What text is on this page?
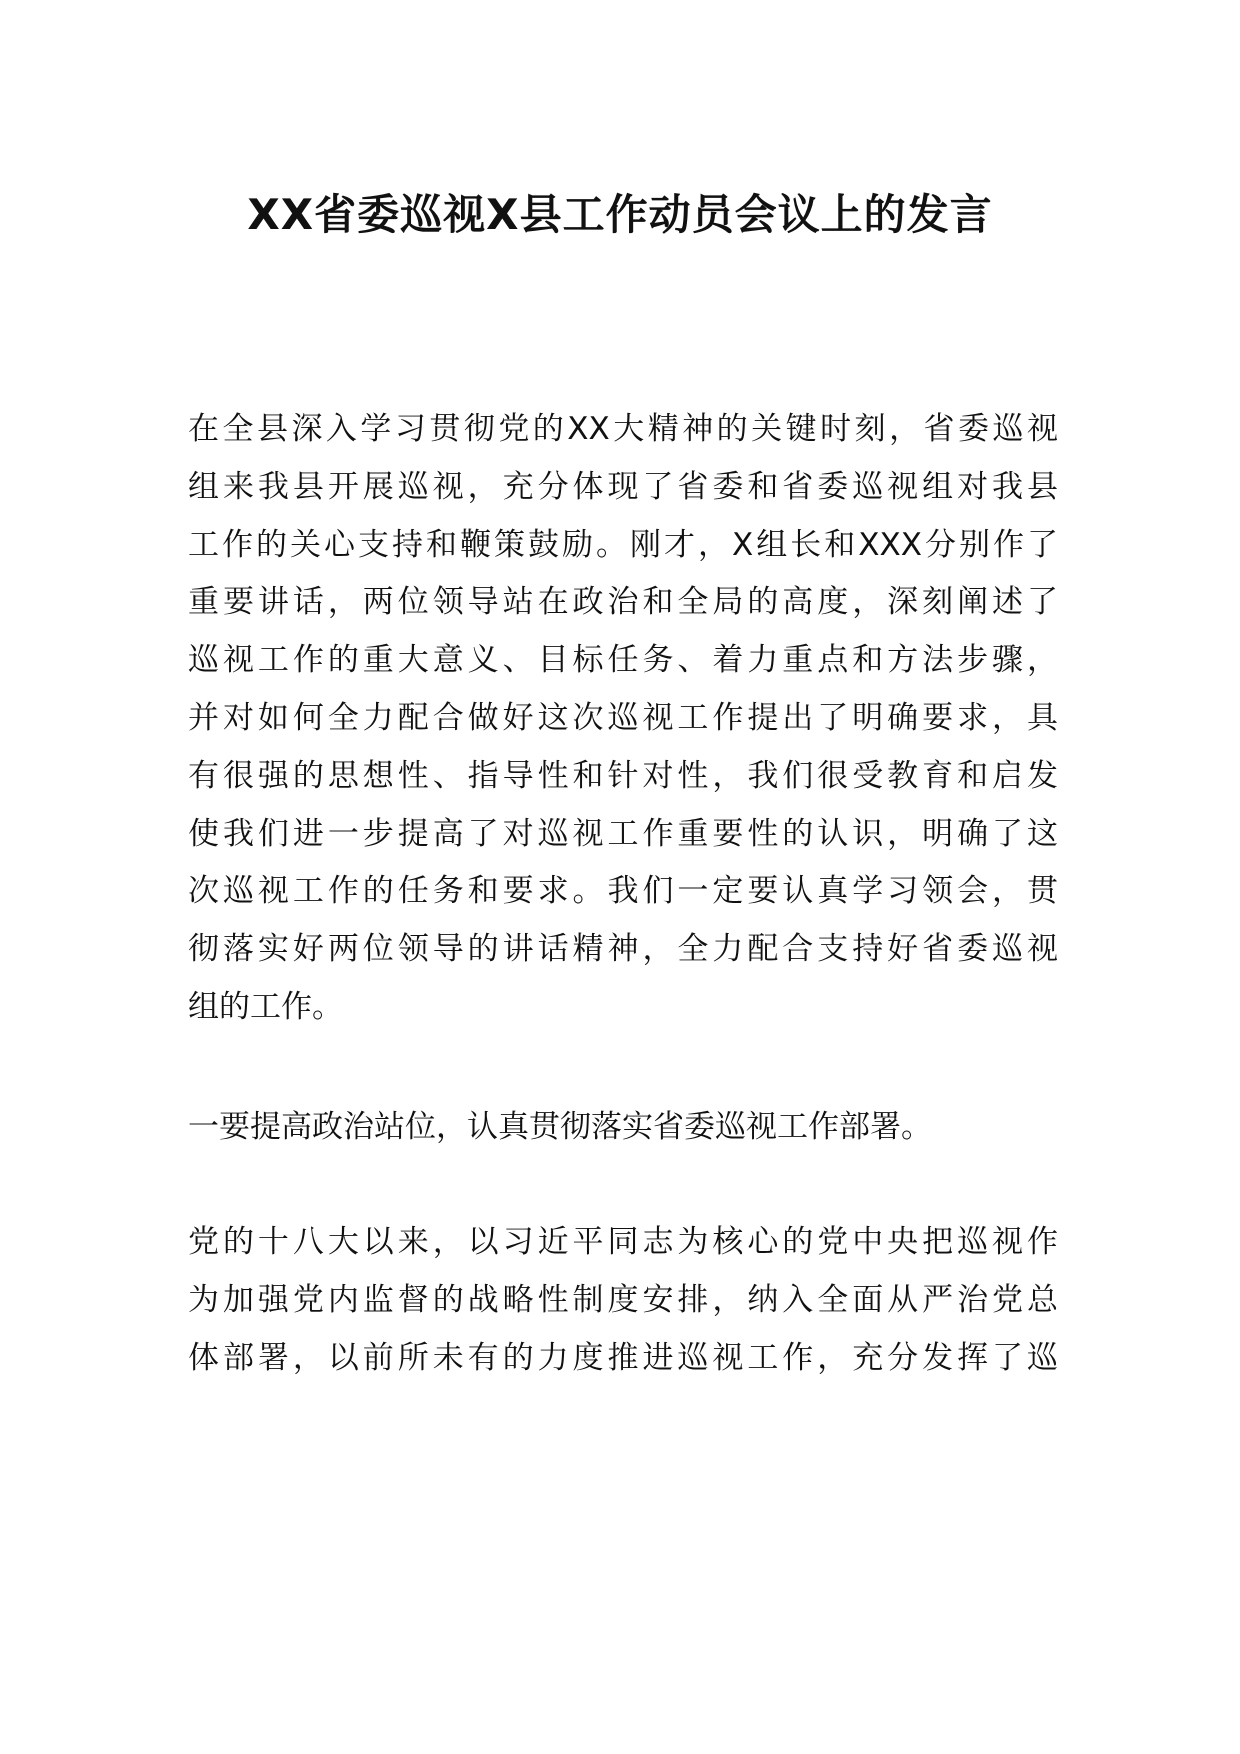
XX省委巡视X县工作动员会议上的发言
在全县深入学习贯彻党的XX大精神的关键时刻，省委巡视
组来我县开展巡视，充分体现了省委和省委巡视组对我县
工作的关心支持和鞭策鼓励。刚才，X组长和XXX分别作了
重要讲话，两位领导站在政治和全局的高度，深刻阐述了
巡视工作的重大意义、目标任务、着力重点和方法步骤，
并对如何全力配合做好这次巡视工作提出了明确要求，具
有很强的思想性、指导性和针对性，我们很受教育和启发
使我们进一步提高了对巡视工作重要性的认识，明确了这
次巡视工作的任务和要求。我们一定要认真学习领会，贯
彻落实好两位领导的讲话精神，全力配合支持好省委巡视
组的工作。
一要提高政治站位，认真贯彻落实省委巡视工作部署。
党的十八大以来，以习近平同志为核心的党中央把巡视作
为加强党内监督的战略性制度安排，纳入全面从严治党总
体部署，以前所未有的力度推进巡视工作，充分发挥了巡
